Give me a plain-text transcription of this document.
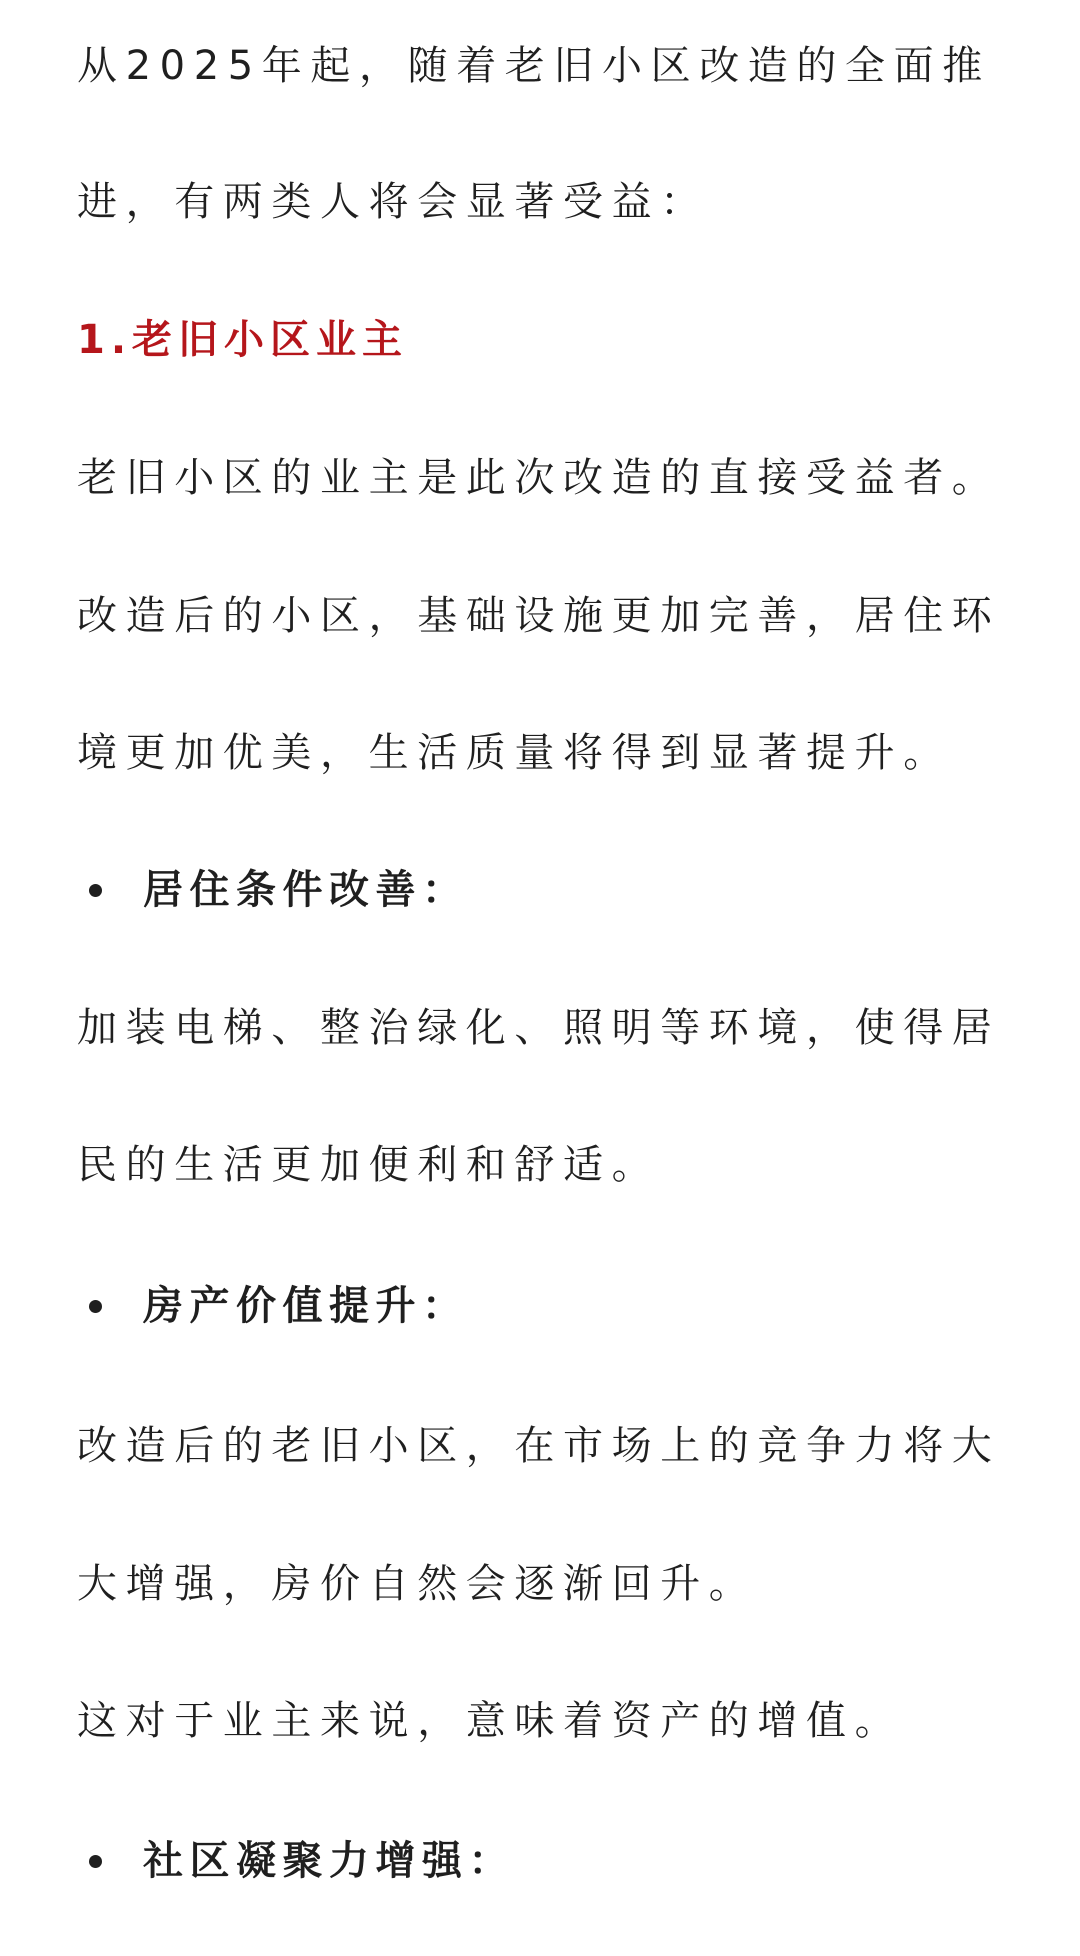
从2025年起，随着老旧小区改造的全面推
进，有两类人将会显著受益：
1.老旧小区业主
老旧小区的业主是此次改造的直接受益者。
改造后的小区，基础设施更加完善，居住环
境更加优美，生活质量将得到显著提升。
居住条件改善：
加装电梯、整治绿化、照明等环境，使得居
民的生活更加便利和舒适。
房产价值提升：
改造后的老旧小区，在市场上的竞争力将大
大增强，房价自然会逐渐回升。
这对于业主来说，意味着资产的增值。
社区凝聚力增强：
